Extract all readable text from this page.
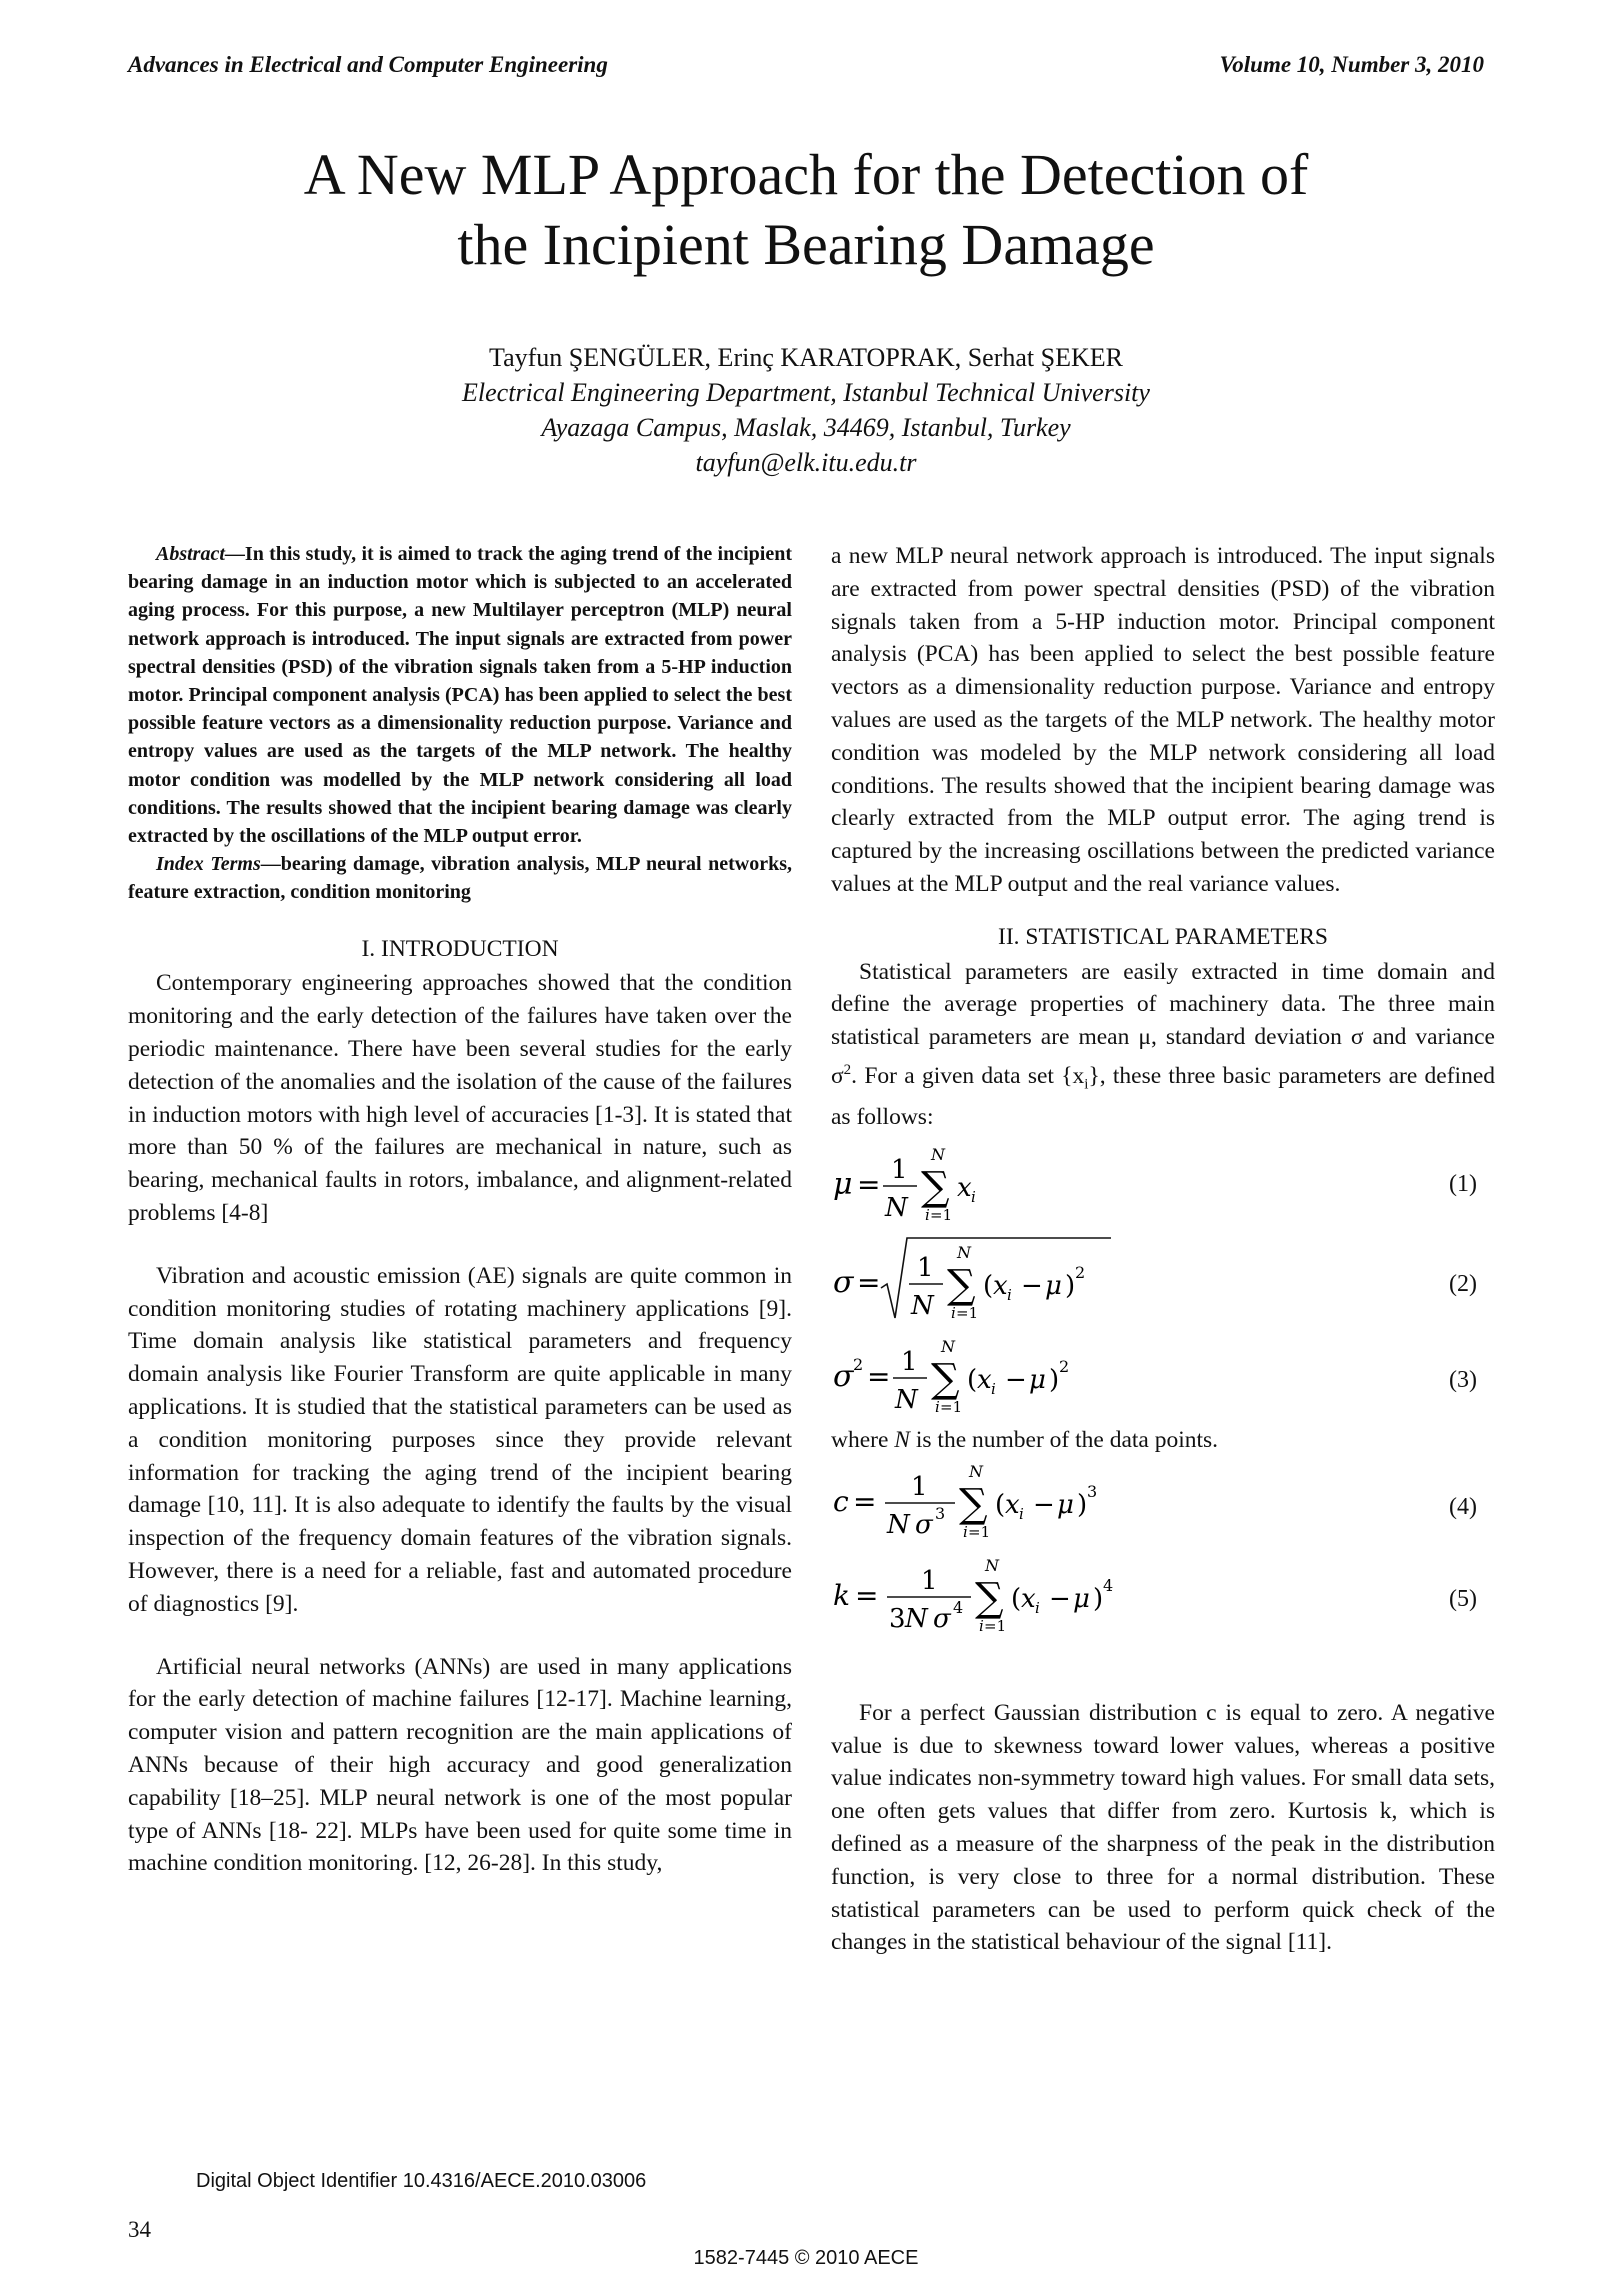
Advances in Electrical and Computer Engineering	Volume 10, Number 3, 2010
A New MLP Approach for the Detection of
the Incipient Bearing Damage
Tayfun ŞENGÜLER, Erinç KARATOPRAK, Serhat ŞEKER
Electrical Engineering Department, Istanbul Technical University
Ayazaga Campus, Maslak, 34469, Istanbul, Turkey
tayfun@elk.itu.edu.tr

Abstract—In this study, it is aimed to track the aging trend of the incipient bearing damage in an induction motor which is subjected to an accelerated aging process. For this purpose, a new Multilayer perceptron (MLP) neural network approach is introduced. The input signals are extracted from power spectral densities (PSD) of the vibration signals taken from a 5-HP induction motor. Principal component analysis (PCA) has been applied to select the best possible feature vectors as a dimensionality reduction purpose. Variance and entropy values are used as the targets of the MLP network. The healthy motor condition was modelled by the MLP network considering all load conditions. The results showed that the incipient bearing damage was clearly extracted by the oscillations of the MLP output error.

Index Terms—bearing damage, vibration analysis, MLP neural networks, feature extraction, condition monitoring

I. INTRODUCTION

Contemporary engineering approaches showed that the condition monitoring and the early detection of the failures have taken over the periodic maintenance. There have been several studies for the early detection of the anomalies and the isolation of the cause of the failures in induction motors with high level of accuracies [1-3]. It is stated that more than 50 % of the failures are mechanical in nature, such as bearing, mechanical faults in rotors, imbalance, and alignment-related problems [4-8]

Vibration and acoustic emission (AE) signals are quite common in condition monitoring studies of rotating machinery applications [9]. Time domain analysis like statistical parameters and frequency domain analysis like Fourier Transform are quite applicable in many applications. It is studied that the statistical parameters can be used as a condition monitoring purposes since they provide relevant information for tracking the aging trend of the incipient bearing damage [10, 11]. It is also adequate to identify the faults by the visual inspection of the frequency domain features of the vibration signals. However, there is a need for a reliable, fast and automated procedure of diagnostics [9].

Artificial neural networks (ANNs) are used in many applications for the early detection of machine failures [12-17]. Machine learning, computer vision and pattern recognition are the main applications of ANNs because of their high accuracy and good generalization capability [18–25]. MLP neural network is one of the most popular type of ANNs [18- 22]. MLPs have been used for quite some time in machine condition monitoring. [12, 26-28]. In this study,

a new MLP neural network approach is introduced. The input signals are extracted from power spectral densities (PSD) of the vibration signals taken from a 5-HP induction motor. Principal component analysis (PCA) has been applied to select the best possible feature vectors as a dimensionality reduction purpose. Variance and entropy values are used as the targets of the MLP network. The healthy motor condition was modeled by the MLP network considering all load conditions. The results showed that the incipient bearing damage was clearly extracted from the MLP output error. The aging trend is captured by the increasing oscillations between the predicted variance values at the MLP output and the real variance values.

II. STATISTICAL PARAMETERS

Statistical parameters are easily extracted in time domain and define the average properties of machinery data. The three main statistical parameters are mean μ, standard deviation σ and variance $\sigma^2$. For a given data set $\{x_i\}$, these three basic parameters are defined as follows:

μ = 1
N ∑
N
i =1
x i	(1)
σ = 1
N ∑
N
i =1
( x i − μ ) 2	(2)
σ 2 = 1
N ∑
N
i =1
( x i − μ ) 2
(3)

where N is the number of the data points.

c = 1
N σ 3 ∑
N
i =1
( x i − μ ) 3
(4)
k = 1
3 N σ 4 ∑
N
i =1
( x i − μ ) 4
(5)

For a perfect Gaussian distribution c is equal to zero. A negative value is due to skewness toward lower values, whereas a positive value indicates non-symmetry toward high values. For small data sets, one often gets values that differ from zero. Kurtosis k, which is defined as a measure of the sharpness of the peak in the distribution function, is very close to three for a normal distribution. These statistical parameters can be used to perform quick check of the changes in the statistical behaviour of the signal [11].

Digital Object Identifier 10.4316/AECE.2010.03006
34
1582-7445 © 2010 AECE
